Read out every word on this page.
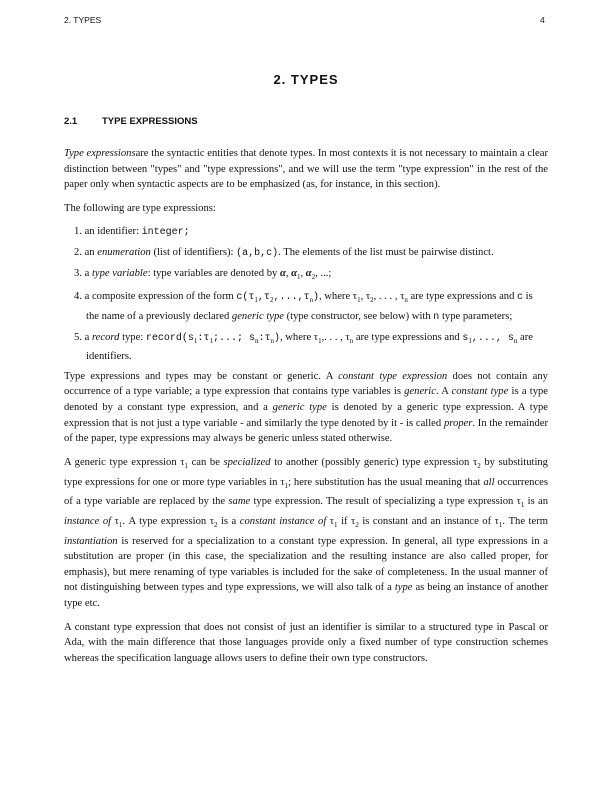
2. TYPES	4
2. TYPES
2.1	TYPE EXPRESSIONS

Type expressionsare the syntactic entities that denote types. In most contexts it is not necessary to maintain a clear distinction between "types" and "type expressions", and we will use the term "type expression" in the rest of the paper only when syntactic aspects are to be emphasized (as, for instance, in this section).

The following are type expressions:

1. an identifier: integer;

2. an enumeration (list of identifiers): (a,b,c). The elements of the list must be pairwise distinct.

3. a type variable: type variables are denoted by α, $\alpha_1$, $\alpha_2$, ...;

4. a composite expression of the form $c(\tau_1,\tau_2,...,\tau_n)$, where $\tau_1$, $\tau_2$, . . . , $\tau_n$ are type expressions and c is the name of a previously declared generic type (type constructor, see below) with n type parameters;

5. a record type: $record(s_1:\tau_1$;...; $s_n:\tau_n$), where $\tau_1$,. . . , $\tau_n$ are type expressions and $s_1$,..., $s_n$ are identifiers.

Type expressions and types may be constant or generic. A constant type expression does not contain any occurrence of a type variable; a type expression that contains type variables is generic. A constant type is a type denoted by a constant type expression, and a generic type is denoted by a generic type expression. A type expression that is not just a type variable - and similarly the type denoted by it - is called proper. In the remainder of the paper, type expressions may always be generic unless stated otherwise.

A generic type expression $\tau_1$ can be specialized to another (possibly generic) type expression $\tau_2$ by substituting type expressions for one or more type variables in $\tau_1$; here substitution has the usual meaning that all occurrences of a type variable are replaced by the same type expression. The result of specializing a type expression $\tau_1$ is an instance of $\tau_1$. A type expression $\tau_2$ is a constant instance of $\tau_1$ if $\tau_2$ is constant and an instance of $\tau_1$. The term instantiation is reserved for a specialization to a constant type expression. In general, all type expressions in a substitution are proper (in this case, the specialization and the resulting instance are also called proper, for emphasis), but mere renaming of type variables is included for the sake of completeness. In the usual manner of not distinguishing between types and type expressions, we will also talk of a type as being an instance of another type etc.

A constant type expression that does not consist of just an identifier is similar to a structured type in Pascal or Ada, with the main difference that those languages provide only a fixed number of type construction schemes whereas the specification language allows users to define their own type constructors.
